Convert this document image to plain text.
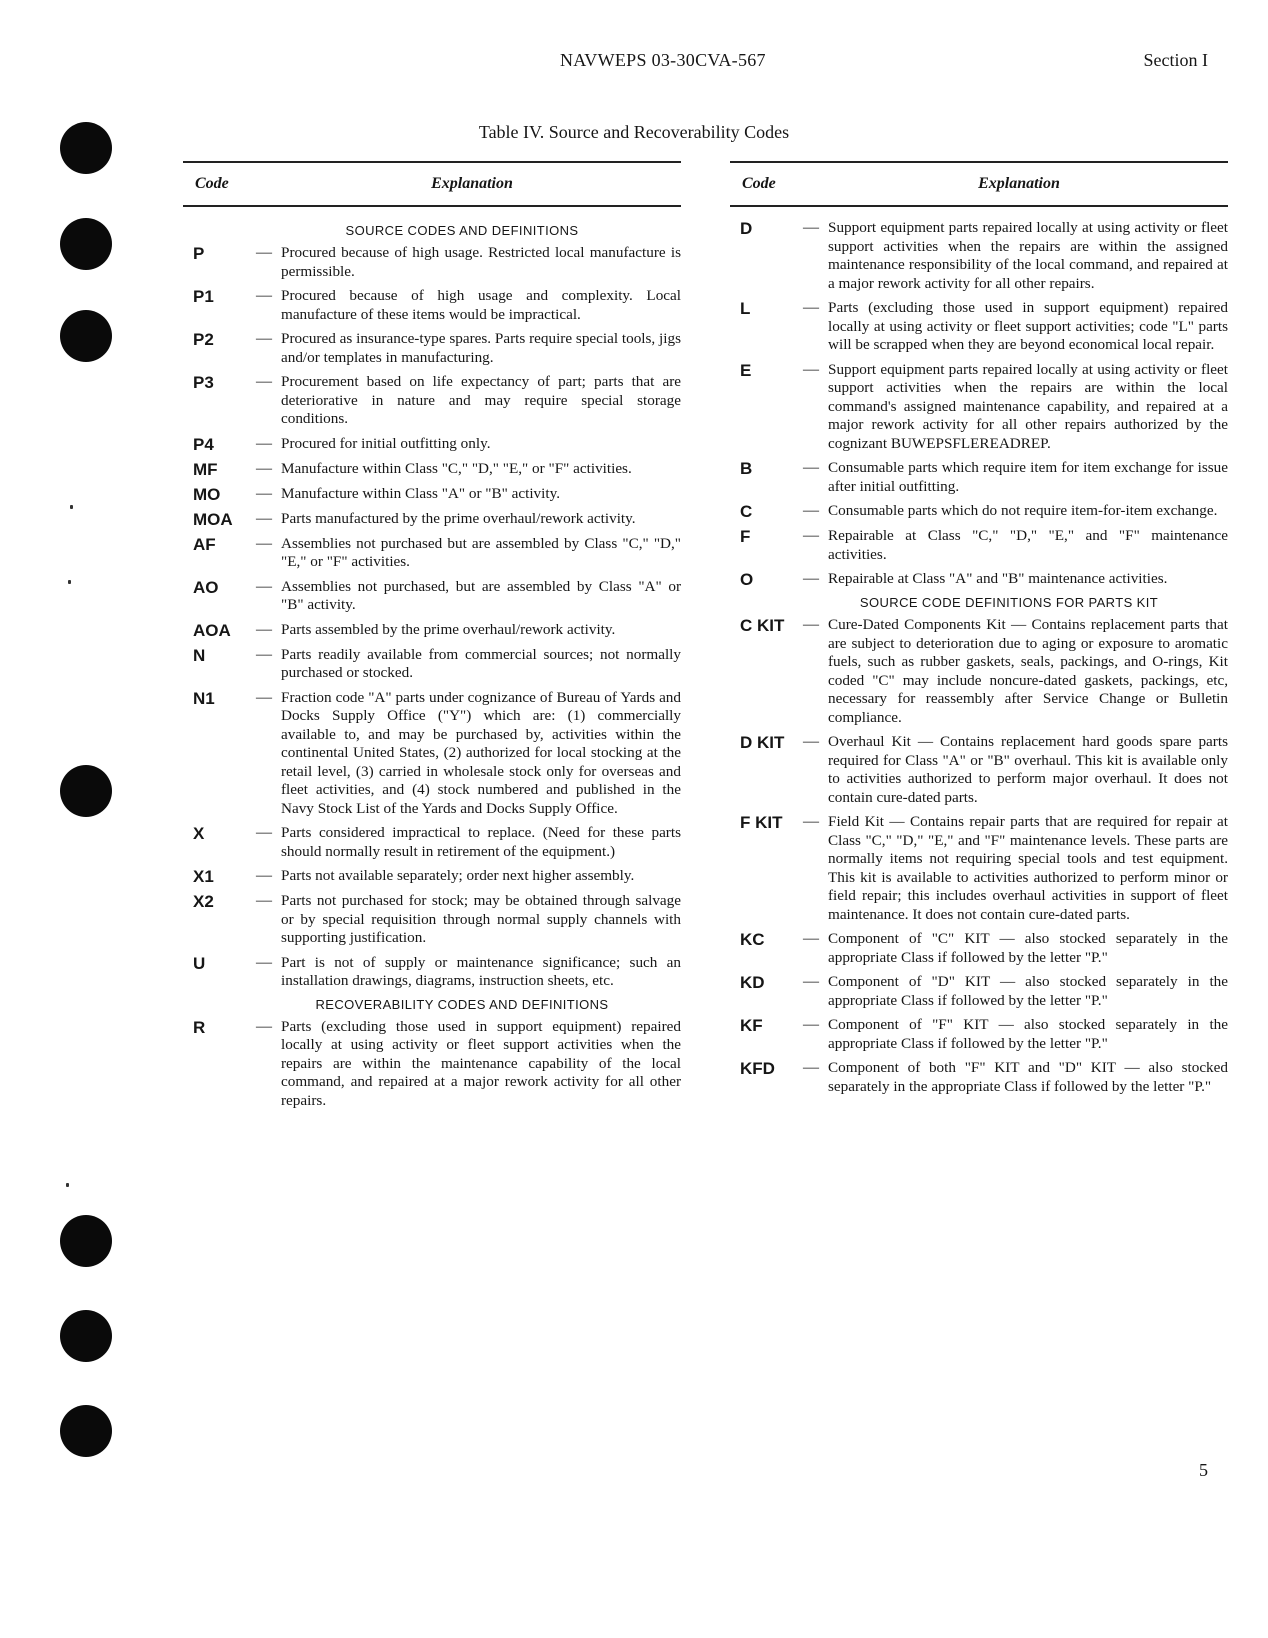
NAVWEPS 03-30CVA-567	Section I
Table IV. Source and Recoverability Codes
Code	Explanation
SOURCE CODES AND DEFINITIONS
P	— Procured because of high usage. Restricted local manufacture is permissible.
P1	— Procured because of high usage and complexity. Local manufacture of these items would be impractical.
P2	— Procured as insurance-type spares. Parts require special tools, jigs and/or templates in manufacturing.
P3	— Procurement based on life expectancy of part; parts that are deteriorative in nature and may require special storage conditions.
P4	— Procured for initial outfitting only.
MF	— Manufacture within Class "C," "D," "E," or "F" activities.
MO	— Manufacture within Class "A" or "B" activity.
MOA	— Parts manufactured by the prime overhaul/rework activity.
AF	— Assemblies not purchased but are assembled by Class "C," "D," "E," or "F" activities.
AO	— Assemblies not purchased, but are assembled by Class "A" or "B" activity.
AOA	— Parts assembled by the prime overhaul/rework activity.
N	— Parts readily available from commercial sources; not normally purchased or stocked.
N1	— Fraction code "A" parts under cognizance of Bureau of Yards and Docks Supply Office ("Y") which are: (1) commercially available to, and may be purchased by, activities within the continental United States, (2) authorized for local stocking at the retail level, (3) carried in wholesale stock only for overseas and fleet activities, and (4) stock numbered and published in the Navy Stock List of the Yards and Docks Supply Office.
X	— Parts considered impractical to replace. (Need for these parts should normally result in retirement of the equipment.)
X1	— Parts not available separately; order next higher assembly.
X2	— Parts not purchased for stock; may be obtained through salvage or by special requisition through normal supply channels with supporting justification.
U	— Part is not of supply or maintenance significance; such an installation drawings, diagrams, instruction sheets, etc.
RECOVERABILITY CODES AND DEFINITIONS
R	— Parts (excluding those used in support equipment) repaired locally at using activity or fleet support activities when the repairs are within the maintenance capability of the local command, and repaired at a major rework activity for all other repairs.
Code	Explanation
D	— Support equipment parts repaired locally at using activity or fleet support activities when the repairs are within the assigned maintenance responsibility of the local command, and repaired at a major rework activity for all other repairs.
L	— Parts (excluding those used in support equipment) repaired locally at using activity or fleet support activities; code "L" parts will be scrapped when they are beyond economical local repair.
E	— Support equipment parts repaired locally at using activity or fleet support activities when the repairs are within the local command's assigned maintenance capability, and repaired at a major rework activity for all other repairs authorized by the cognizant BUWEPSFLEREADREP.
B	— Consumable parts which require item for item exchange for issue after initial outfitting.
C	— Consumable parts which do not require item-for-item exchange.
F	— Repairable at Class "C," "D," "E," and "F" maintenance activities.
O	— Repairable at Class "A" and "B" maintenance activities.
SOURCE CODE DEFINITIONS FOR PARTS KIT
C KIT	— Cure-Dated Components Kit — Contains replacement parts that are subject to deterioration due to aging or exposure to aromatic fuels, such as rubber gaskets, seals, packings, and O-rings, Kit coded "C" may include noncure-dated gaskets, packings, etc, necessary for reassembly after Service Change or Bulletin compliance.
D KIT	— Overhaul Kit — Contains replacement hard goods spare parts required for Class "A" or "B" overhaul. This kit is available only to activities authorized to perform major overhaul. It does not contain cure-dated parts.
F KIT	— Field Kit — Contains repair parts that are required for repair at Class "C," "D," "E," and "F" maintenance levels. These parts are normally items not requiring special tools and test equipment. This kit is available to activities authorized to perform minor or field repair; this includes overhaul activities in support of fleet maintenance. It does not contain cure-dated parts.
KC	— Component of "C" KIT — also stocked separately in the appropriate Class if followed by the letter "P."
KD	— Component of "D" KIT — also stocked separately in the appropriate Class if followed by the letter "P."
KF	— Component of "F" KIT — also stocked separately in the appropriate Class if followed by the letter "P."
KFD	— Component of both "F" KIT and "D" KIT — also stocked separately in the appropriate Class if followed by the letter "P."
5
